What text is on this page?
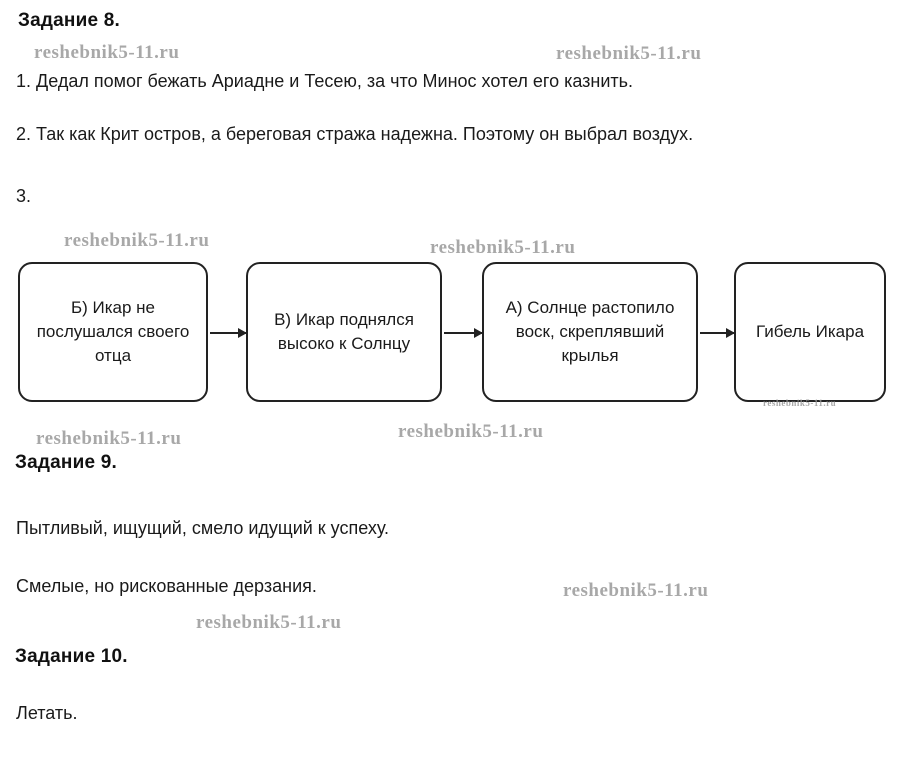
Задание 8.
1. Дедал помог бежать Ариадне и Тесею, за что Минос хотел его казнить.
2. Так как Крит остров, а береговая стража надежна. Поэтому он выбрал воздух.
3.
Б) Икар не послушался своего отца
В) Икар поднялся высоко к Солнцу
А) Солнце растопило воск, скреплявший крылья
Гибель Икара
Задание 9.
Пытливый, ищущий, смело идущий к успеху.
Смелые, но рискованные дерзания.
Задание 10.
Летать.
reshebnik5-11.ru	reshebnik5-11.ru
reshebnik5-11.ru	reshebnik5-11.ru
reshebnik5-11.ru	reshebnik5-11.ru
reshebnik5-11.ru
reshebnik5-11.ru
reshebnik5-11.ru
